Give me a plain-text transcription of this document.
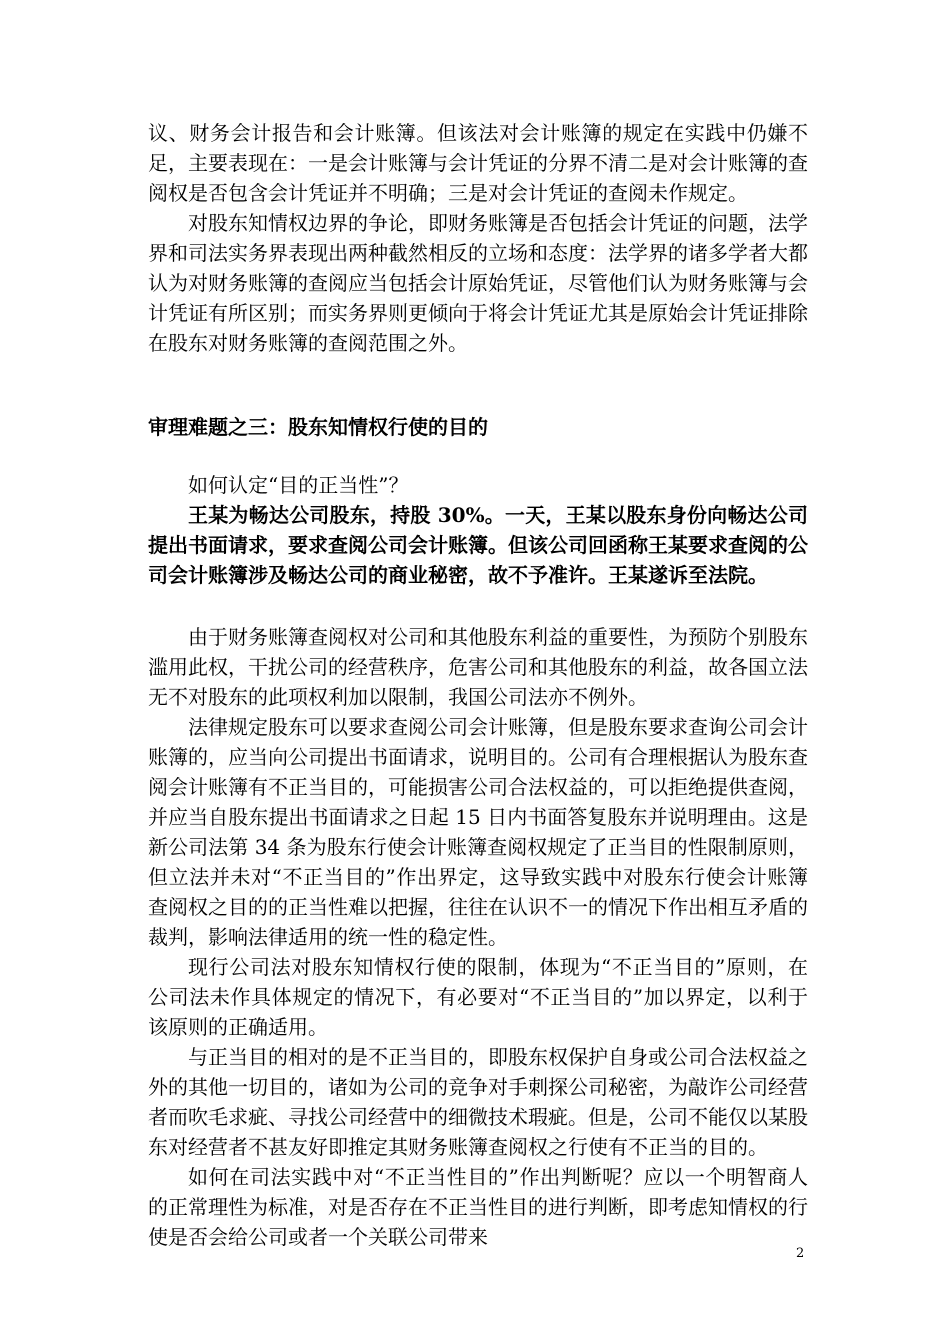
议、财务会计报告和会计账簿。但该法对会计账簿的规定在实践中仍嫌不足，主要表现在：一是会计账簿与会计凭证的分界不清二是对会计账簿的查阅权是否包含会计凭证并不明确；三是对会计凭证的查阅未作规定。

对股东知情权边界的争论，即财务账簿是否包括会计凭证的问题，法学界和司法实务界表现出两种截然相反的立场和态度：法学界的诸多学者大都认为对财务账簿的查阅应当包括会计原始凭证，尽管他们认为财务账簿与会计凭证有所区别；而实务界则更倾向于将会计凭证尤其是原始会计凭证排除在股东对财务账簿的查阅范围之外。

审理难题之三：股东知情权行使的目的

如何认定“目的正当性”？

王某为畅达公司股东，持股 30%。一天，王某以股东身份向畅达公司提出书面请求，要求查阅公司会计账簿。但该公司回函称王某要求查阅的公司会计账簿涉及畅达公司的商业秘密，故不予准许。王某遂诉至法院。

由于财务账簿查阅权对公司和其他股东利益的重要性，为预防个别股东滥用此权，干扰公司的经营秩序，危害公司和其他股东的利益，故各国立法无不对股东的此项权利加以限制，我国公司法亦不例外。

法律规定股东可以要求查阅公司会计账簿，但是股东要求查询公司会计账簿的，应当向公司提出书面请求，说明目的。公司有合理根据认为股东查阅会计账簿有不正当目的，可能损害公司合法权益的，可以拒绝提供查阅，并应当自股东提出书面请求之日起 15 日内书面答复股东并说明理由。这是新公司法第 34 条为股东行使会计账簿查阅权规定了正当目的性限制原则，但立法并未对“不正当目的”作出界定，这导致实践中对股东行使会计账簿查阅权之目的的正当性难以把握，往往在认识不一的情况下作出相互矛盾的裁判，影响法律适用的统一性的稳定性。

现行公司法对股东知情权行使的限制，体现为“不正当目的”原则，在公司法未作具体规定的情况下，有必要对“不正当目的”加以界定，以利于该原则的正确适用。

与正当目的相对的是不正当目的，即股东权保护自身或公司合法权益之外的其他一切目的，诸如为公司的竞争对手刺探公司秘密，为敲诈公司经营者而吹毛求疵、寻找公司经营中的细微技术瑕疵。但是，公司不能仅以某股东对经营者不甚友好即推定其财务账簿查阅权之行使有不正当的目的。

如何在司法实践中对“不正当性目的”作出判断呢？应以一个明智商人的正常理性为标准，对是否存在不正当性目的进行判断，即考虑知情权的行使是否会给公司或者一个关联公司带来

2
